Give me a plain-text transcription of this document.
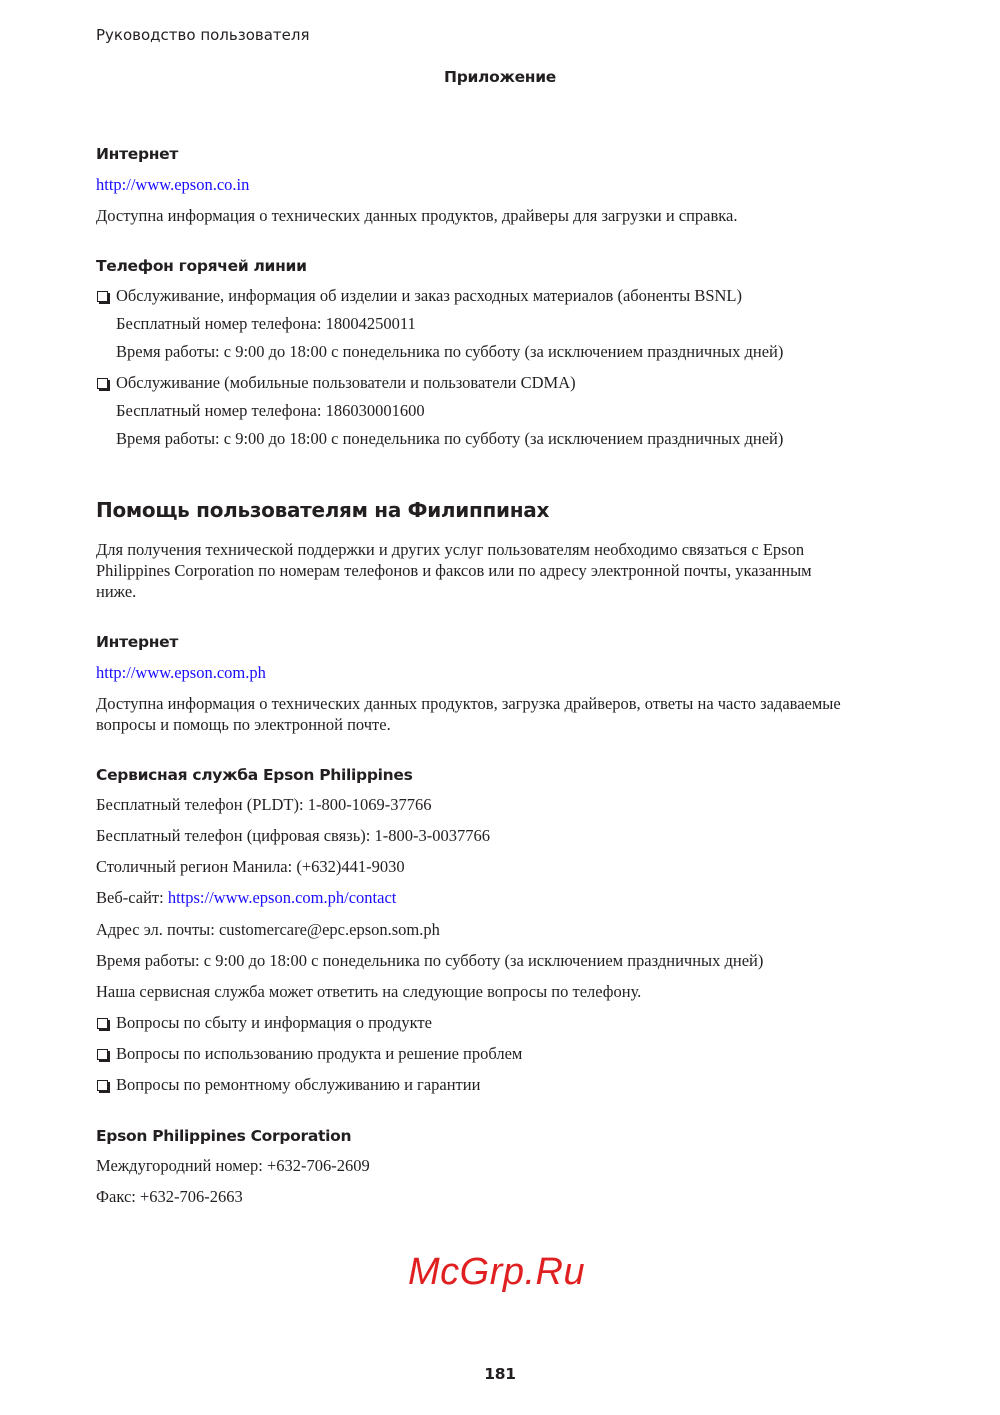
Руководство пользователя
Приложение
Интернет
http://www.epson.co.in
Доступна информация о технических данных продуктов, драйверы для загрузки и справка.
Телефон горячей линии
Обслуживание, информация об изделии и заказ расходных материалов (абоненты BSNL)
Бесплатный номер телефона: 18004250011
Время работы: с 9:00 до 18:00 с понедельника по субботу (за исключением праздничных дней)
Обслуживание (мобильные пользователи и пользователи CDMA)
Бесплатный номер телефона: 186030001600
Время работы: с 9:00 до 18:00 с понедельника по субботу (за исключением праздничных дней)
Помощь пользователям на Филиппинах
Для получения технической поддержки и других услуг пользователям необходимо связаться с Epson
Philippines Corporation по номерам телефонов и факсов или по адресу электронной почты, указанным
ниже.
Интернет
http://www.epson.com.ph
Доступна информация о технических данных продуктов, загрузка драйверов, ответы на часто задаваемые
вопросы и помощь по электронной почте.
Сервисная служба Epson Philippines
Бесплатный телефон (PLDT): 1-800-1069-37766
Бесплатный телефон (цифровая связь): 1-800-3-0037766
Столичный регион Манила: (+632)441-9030
Веб-сайт: https://www.epson.com.ph/contact
Адрес эл. почты: customercare@epc.epson.som.ph
Время работы: с 9:00 до 18:00 с понедельника по субботу (за исключением праздничных дней)
Наша сервисная служба может ответить на следующие вопросы по телефону.
Вопросы по сбыту и информация о продукте
Вопросы по использованию продукта и решение проблем
Вопросы по ремонтному обслуживанию и гарантии
Epson Philippines Corporation
Междугородний номер: +632-706-2609
Факс: +632-706-2663
McGrp.Ru
181
